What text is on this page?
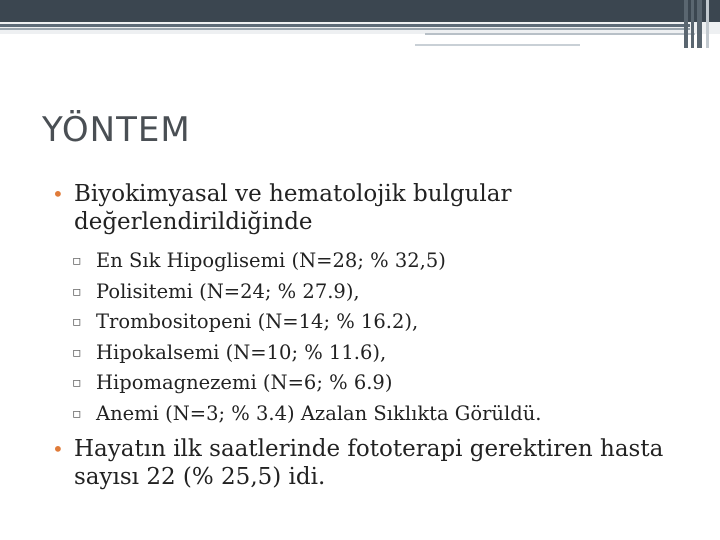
YÖNTEM
• Biyokimyasal ve hematolojik bulgular değerlendirildiğinde
▫ En Sık Hipoglisemi (N=28; % 32,5)
▫ Polisitemi (N=24; % 27.9),
▫ Trombositopeni (N=14; % 16.2),
▫ Hipokalsemi (N=10; % 11.6),
▫ Hipomagnezemi (N=6; % 6.9)
▫ Anemi (N=3; % 3.4) Azalan Sıklıkta Görüldü.
• Hayatın ilk saatlerinde fototerapi gerektiren hasta sayısı 22 (% 25,5) idi.
